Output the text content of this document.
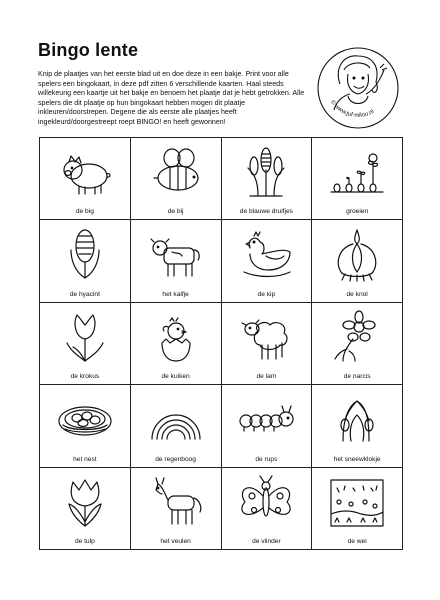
Bingo lente
Knip de plaatjes van het eerste blad uit en doe deze in een bakje. Print voor alle spelers een bingokaart, in deze pdf zitten 6 verschillende kaarten. Haal steeds willekeurig een kaartje uit het bakje en benoem het plaatje dat je hebt getrokken. Alle spelers die dit plaatje op hun bingokaart hebben mogen dit plaatje inkleuren/doorstrepen. Degene die als eerste alle plaatjes heeft ingekleurd/doorgestreept roept BINGO! en heeft gewonnen!
© www.juf-milou.nl
de big	de bij	de blauwe druifjes	groeien
de hyacint	het kalfje	de kip	de knol
de krokus	de kuiken	de lam	de narcis
het nest	de regenboog	de rups	het sneewklokje
de tulp	het veulen	de vlinder	de wei
